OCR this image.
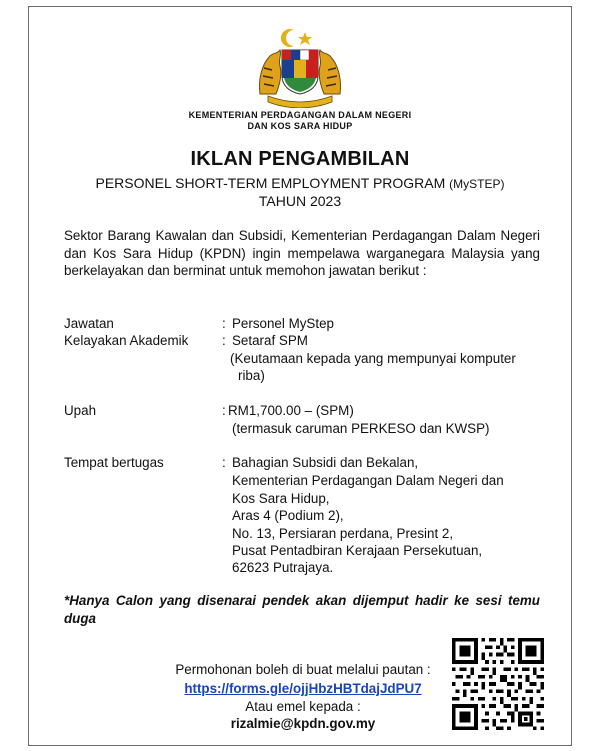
KEMENTERIAN PERDAGANGAN DALAM NEGERI
DAN KOS SARA HIDUP
IKLAN PENGAMBILAN
PERSONEL SHORT-TERM EMPLOYMENT PROGRAM (MySTEP)
TAHUN 2023
Sektor Barang Kawalan dan Subsidi, Kementerian Perdagangan Dalam Negeri dan Kos Sara Hidup (KPDN) ingin mempelawa warganegara Malaysia yang berkelayakan dan berminat untuk memohon jawatan berikut :
Jawatan	: Personel MyStep
Kelayakan Akademik	: Setaraf SPM
(Keutamaan kepada yang mempunyai komputer
riba)
Upah	: RM1,700.00 – (SPM)
(termasuk caruman PERKESO dan KWSP)
Tempat bertugas	: Bahagian Subsidi dan Bekalan,
Kementerian Perdagangan Dalam Negeri dan
Kos Sara Hidup,
Aras 4 (Podium 2),
No. 13, Persiaran perdana, Presint 2,
Pusat Pentadbiran Kerajaan Persekutuan,
62623 Putrajaya.
*Hanya Calon yang disenarai pendek akan dijemput hadir ke sesi temu duga
Permohonan boleh di buat melalui pautan :
https://forms.gle/ojjHbzHBTdajJdPU7
Atau emel kepada :
rizalmie@kpdn.gov.my
